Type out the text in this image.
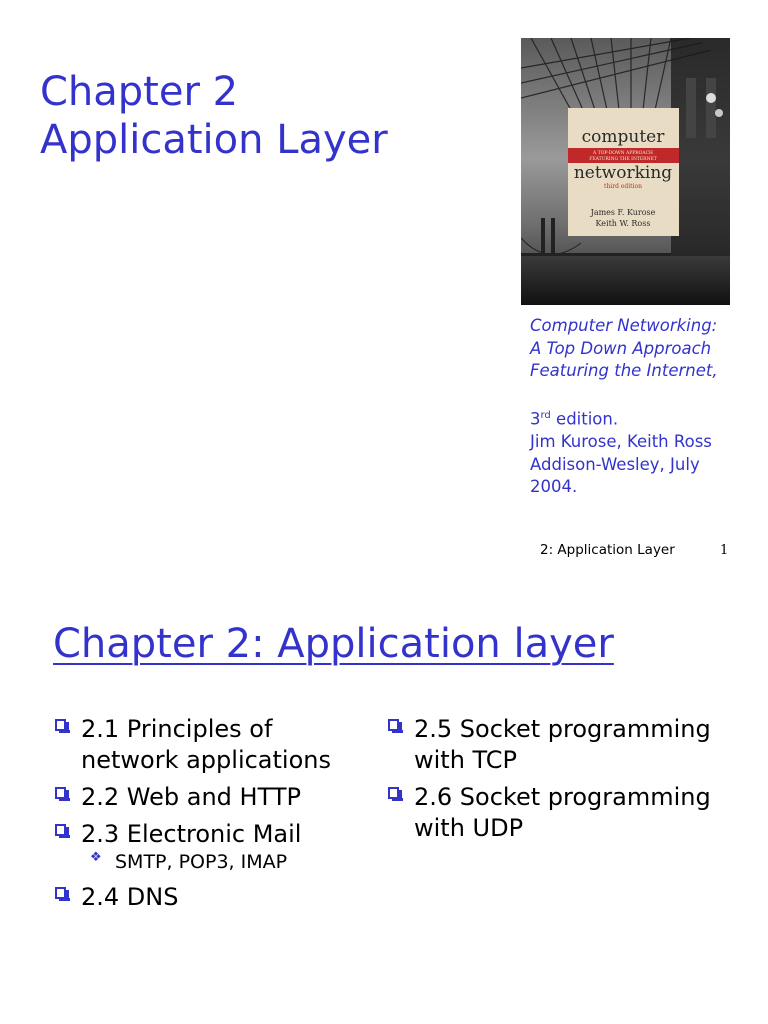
Chapter 2
Application Layer	computer
A TOP-DOWN APPROACH
FEATURING THE INTERNET
networking
third edition
James F. Kurose
Keith W. Ross
Computer Networking:
A Top Down Approach
Featuring the Internet,
3rd edition.
Jim Kurose, Keith Ross
Addison-Wesley, July
2004.
2: Application Layer	1
Chapter 2: Application layer
2.1 Principles of network applications
2.2 Web and HTTP
2.3 Electronic Mail
❖ SMTP, POP3, IMAP
2.4 DNS
2.5 Socket programming with TCP
2.6 Socket programming with UDP
